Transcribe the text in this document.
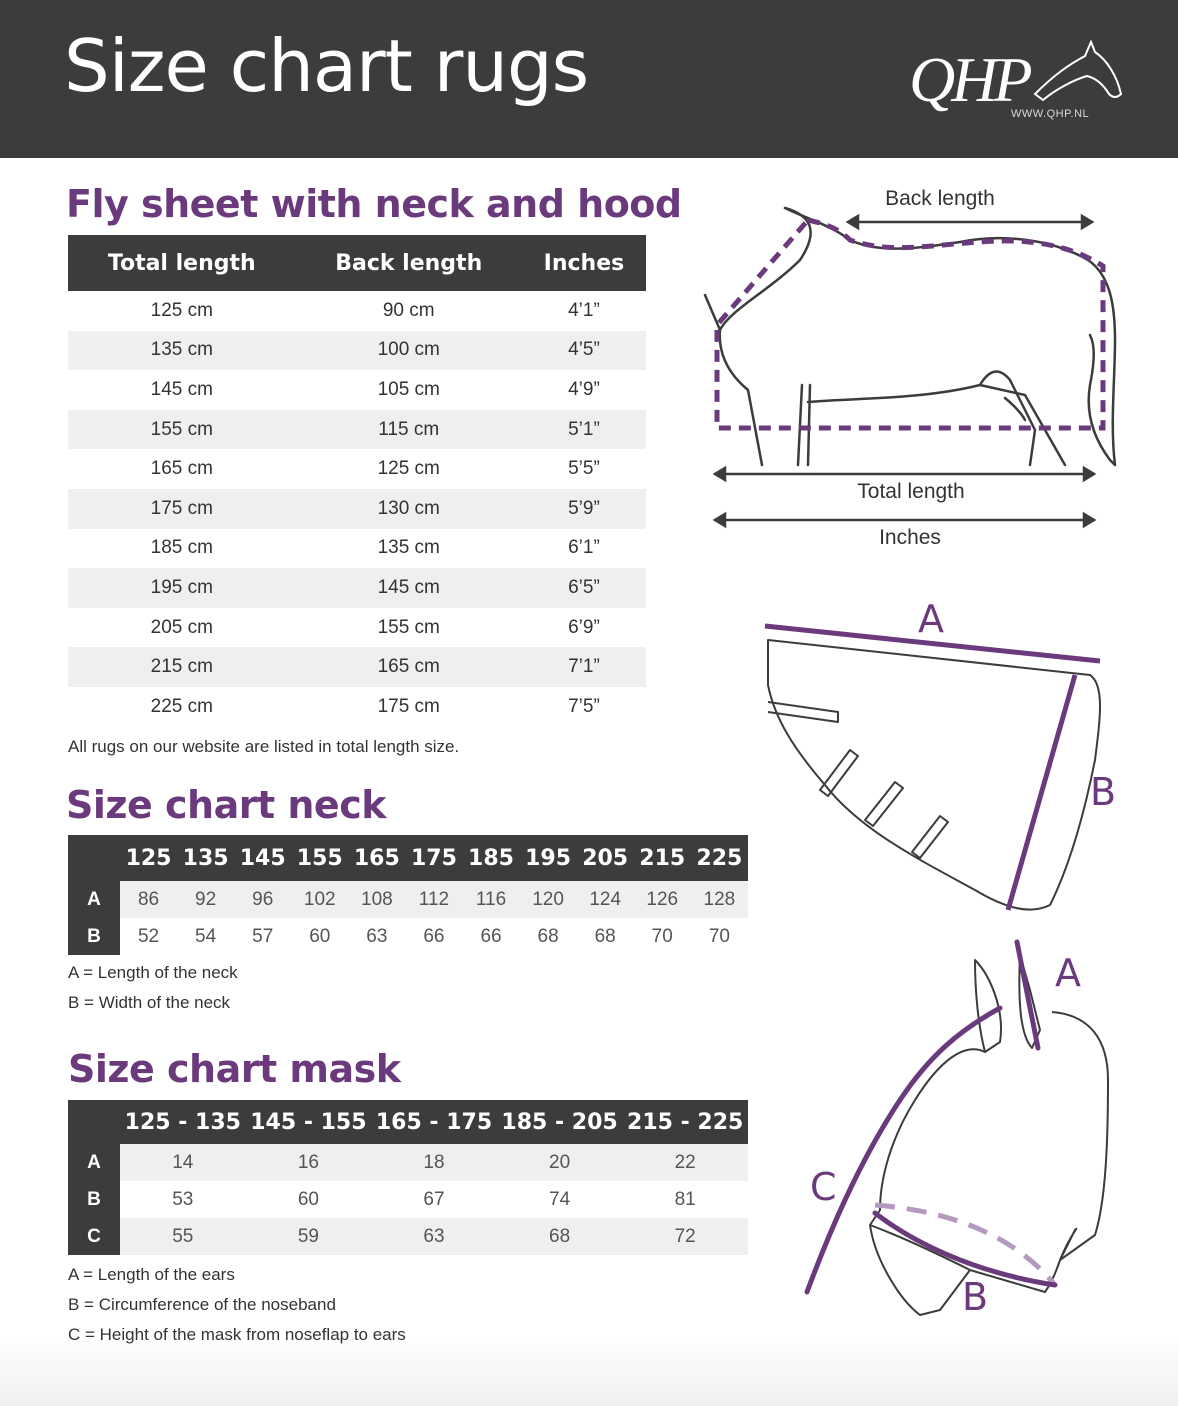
Size chart rugs	QHP
WWW.QHP.NL
Fly sheet with neck and hood
Total length	Back length	Inches
125 cm	90 cm	4’1”
135 cm	100 cm	4’5”
145 cm	105 cm	4’9”
155 cm	115 cm	5’1”
165 cm	125 cm	5’5”
175 cm	130 cm	5’9”
185 cm	135 cm	6’1”
195 cm	145 cm	6’5”
205 cm	155 cm	6’9”
215 cm	165 cm	7’1”
225 cm	175 cm	7’5”

All rugs on our website are listed in total length size.

Size chart neck
	125	135	145	155	165	175	185	195	205	215	225
A	86	92	96	102	108	112	116	120	124	126	128
B	52	54	57	60	63	66	66	68	68	70	70

A = Length of the neck

B = Width of the neck

Size chart mask
	125 - 135	145 - 155	165 - 175	185 - 205	215 - 225
A	14	16	18	20	22
B	53	60	67	74	81
C	55	59	63	68	72

A = Length of the ears

B = Circumference of the noseband

C = Height of the mask from noseflap to ears

Back length
Total length
Inches
A
B
A
B
C
